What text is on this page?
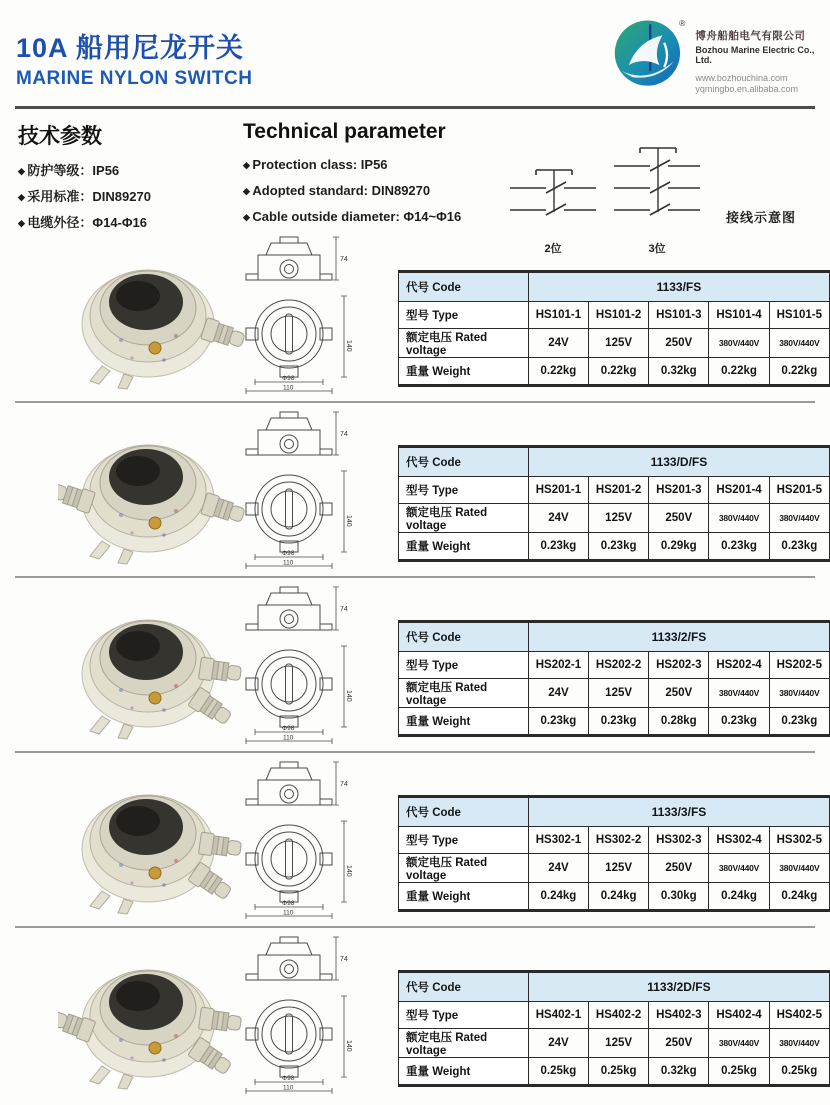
10A 船用尼龙开关
MARINE NYLON SWITCH
®
博舟船舶电气有限公司
Bozhou Marine Electric Co., Ltd.
www.bozhouchina.com
yqmingbo.en.alibaba.com
技术参数
◆ 防护等级：IP56
◆ 采用标准：DIN89270
◆ 电缆外径：Φ14-Φ16
Technical parameter
◆ Protection class: IP56
◆ Adopted standard: DIN89270
◆ Cable outside diameter: Φ14~Φ16
2位	3位
接线示意图
74
140
Φ98
110
代号 Code	1133/FS				
型号 Type	HS101-1	HS101-2	HS101-3	HS101-4	HS101-5
额定电压 Rated voltage	24V	125V	250V	380V/440V	380V/440V
重量 Weight	0.22kg	0.22kg	0.32kg	0.22kg	0.22kg
74
140
Φ98
110
代号 Code	1133/D/FS				
型号 Type	HS201-1	HS201-2	HS201-3	HS201-4	HS201-5
额定电压 Rated voltage	24V	125V	250V	380V/440V	380V/440V
重量 Weight	0.23kg	0.23kg	0.29kg	0.23kg	0.23kg
74
140
Φ98
110
代号 Code	1133/2/FS				
型号 Type	HS202-1	HS202-2	HS202-3	HS202-4	HS202-5
额定电压 Rated voltage	24V	125V	250V	380V/440V	380V/440V
重量 Weight	0.23kg	0.23kg	0.28kg	0.23kg	0.23kg
74
140
Φ98
110
代号 Code	1133/3/FS				
型号 Type	HS302-1	HS302-2	HS302-3	HS302-4	HS302-5
额定电压 Rated voltage	24V	125V	250V	380V/440V	380V/440V
重量 Weight	0.24kg	0.24kg	0.30kg	0.24kg	0.24kg
74
140
Φ98
110
代号 Code	1133/2D/FS				
型号 Type	HS402-1	HS402-2	HS402-3	HS402-4	HS402-5
额定电压 Rated voltage	24V	125V	250V	380V/440V	380V/440V
重量 Weight	0.25kg	0.25kg	0.32kg	0.25kg	0.25kg
